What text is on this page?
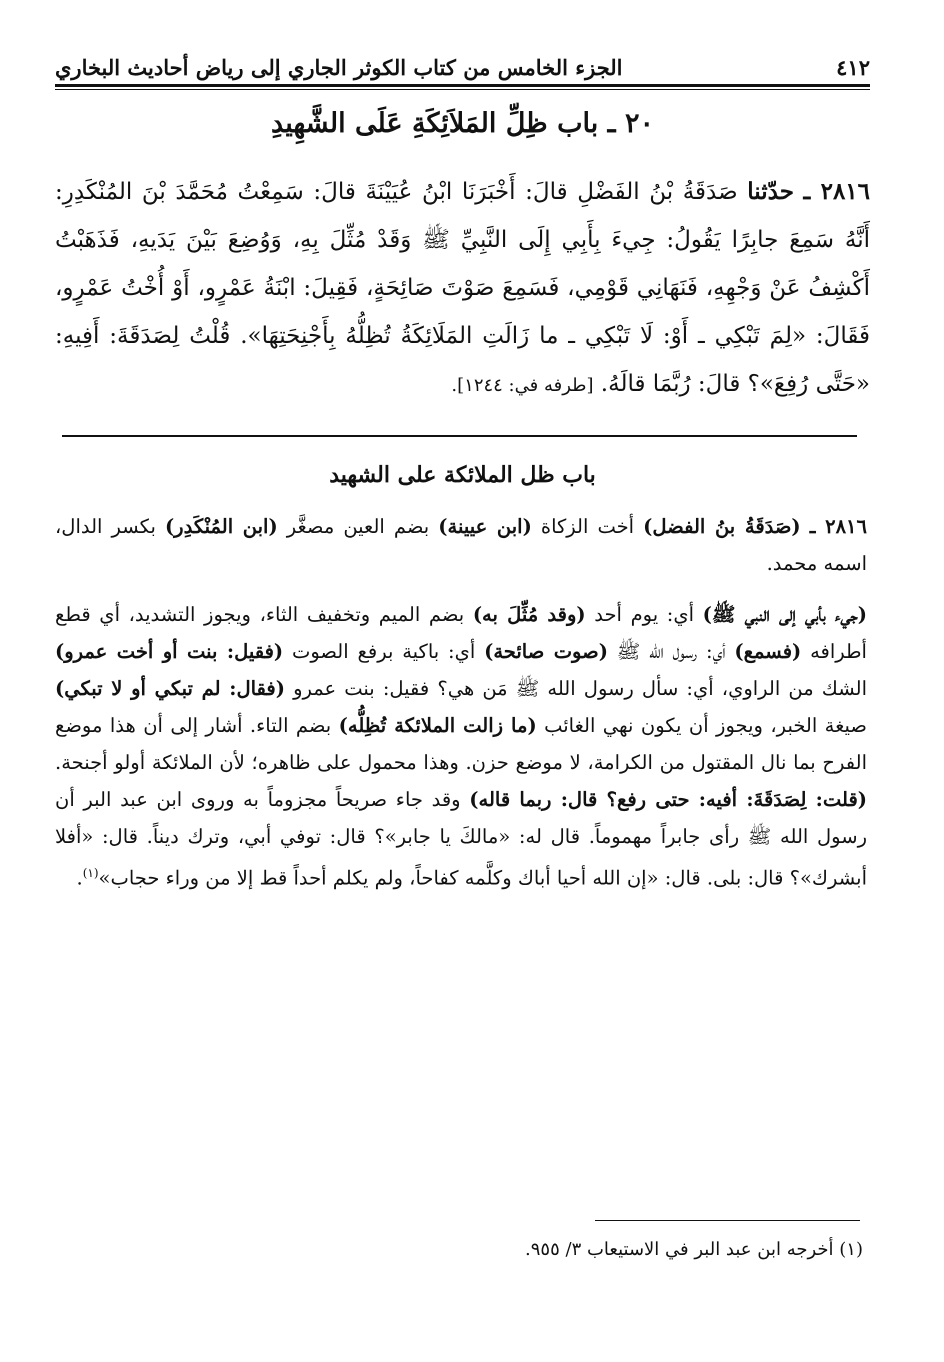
٤١٢
الجزء الخامس من كتاب الكوثر الجاري إلى رياض أحاديث البخاري
٢٠ ـ باب ظِلِّ المَلاَئِكَةِ عَلَى الشَّهِيدِ
٢٨١٦ ـ حدّثنا صَدَقَةُ بْنُ الفَضْلِ قالَ: أَخْبَرَنَا ابْنُ عُيَيْنَةَ قالَ: سَمِعْتُ مُحَمَّدَ بْنَ المُنْكَدِرِ: أَنَّهُ سَمِعَ جابِرًا يَقُولُ: جِيءَ بِأَبِي إِلَى النَّبِيِّ ﷺ وَقَدْ مُثِّلَ بِهِ، وَوُضِعَ بَيْنَ يَدَيهِ، فَذَهَبْتُ أَكْشِفُ عَنْ وَجْهِهِ، فَنَهَانِي قَوْمِي، فَسَمِعَ صَوْتَ صَائِحَةٍ، فَقِيلَ: ابْنَةُ عَمْرٍو، أَوْ أُخْتُ عَمْرٍو، فَقَالَ: «لِمَ تَبْكِي ـ أَوْ: لَا تَبْكِي ـ ما زَالَتِ المَلَائِكَةُ تُظِلُّهُ بِأَجْنِحَتِهَا». قُلْتُ لِصَدَقَةَ: أَفِيهِ: «حَتَّى رُفِعَ»؟ قالَ: رُبَّمَا قالَهُ. [طرفه في: ١٢٤٤].
باب ظل الملائكة على الشهيد

٢٨١٦ ـ (صَدَقَةُ بنُ الفضل) أخت الزكاة (ابن عيينة) بضم العين مصغَّر (ابن المُنْكَدِر) بكسر الدال، اسمه محمد.

(جيء بأبي إلى النبي ﷺ) أي: يوم أحد (وقد مُثِّلَ به) بضم الميم وتخفيف الثاء، ويجوز التشديد، أي قطع أطرافه (فسمع) أي: رسول الله ﷺ (صوت صائحة) أي: باكية برفع الصوت (فقيل: بنت أو أخت عمرو) الشك من الراوي، أي: سأل رسول الله ﷺ مَن هي؟ فقيل: بنت عمرو (فقال: لم تبكي أو لا تبكي) صيغة الخبر، ويجوز أن يكون نهي الغائب (ما زالت الملائكة تُظِلُّه) بضم التاء. أشار إلى أن هذا موضع الفرح بما نال المقتول من الكرامة، لا موضع حزن. وهذا محمول على ظاهره؛ لأن الملائكة أولو أجنحة. (قلت: لِصَدَقَةَ: أفيه: حتى رفع؟ قال: ربما قاله) وقد جاء صريحاً مجزوماً به وروى ابن عبد البر أن رسول الله ﷺ رأى جابراً مهموماً. قال له: «مالكَ يا جابر»؟ قال: توفي أبي، وترك ديناً. قال: «أفلا أبشرك»؟ قال: بلى. قال: «إن الله أحيا أباك وكلَّمه كفاحاً، ولم يكلم أحداً قط إلا من وراء حجاب»$^{(١)}$.

(١) أخرجه ابن عبد البر في الاستيعاب ٣/ ٩٥٥.
